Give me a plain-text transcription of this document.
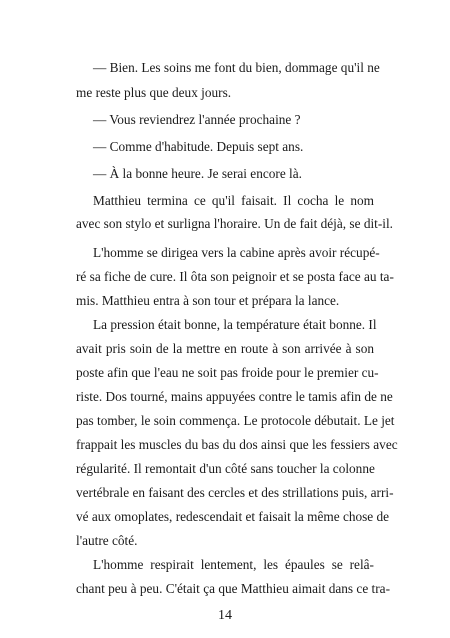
— Bien. Les soins me font du bien, dommage qu'il ne
me reste plus que deux jours.
— Vous reviendrez l'année prochaine ?
— Comme d'habitude. Depuis sept ans.
— À la bonne heure. Je serai encore là.
Matthieu termina ce qu'il faisait. Il cocha le nom
avec son stylo et surligna l'horaire. Un de fait déjà, se dit-il.
L'homme se dirigea vers la cabine après avoir récupé-
ré sa fiche de cure. Il ôta son peignoir et se posta face au ta-
mis. Matthieu entra à son tour et prépara la lance.
La pression était bonne, la température était bonne. Il
avait pris soin de la mettre en route à son arrivée à son
poste afin que l'eau ne soit pas froide pour le premier cu-
riste. Dos tourné, mains appuyées contre le tamis afin de ne
pas tomber, le soin commença. Le protocole débutait. Le jet
frappait les muscles du bas du dos ainsi que les fessiers avec
régularité. Il remontait d'un côté sans toucher la colonne
vertébrale en faisant des cercles et des strillations puis, arri-
vé aux omoplates, redescendait et faisait la même chose de
l'autre côté.
L'homme respirait lentement, les épaules se relâ-
chant peu à peu. C'était ça que Matthieu aimait dans ce tra-
14
